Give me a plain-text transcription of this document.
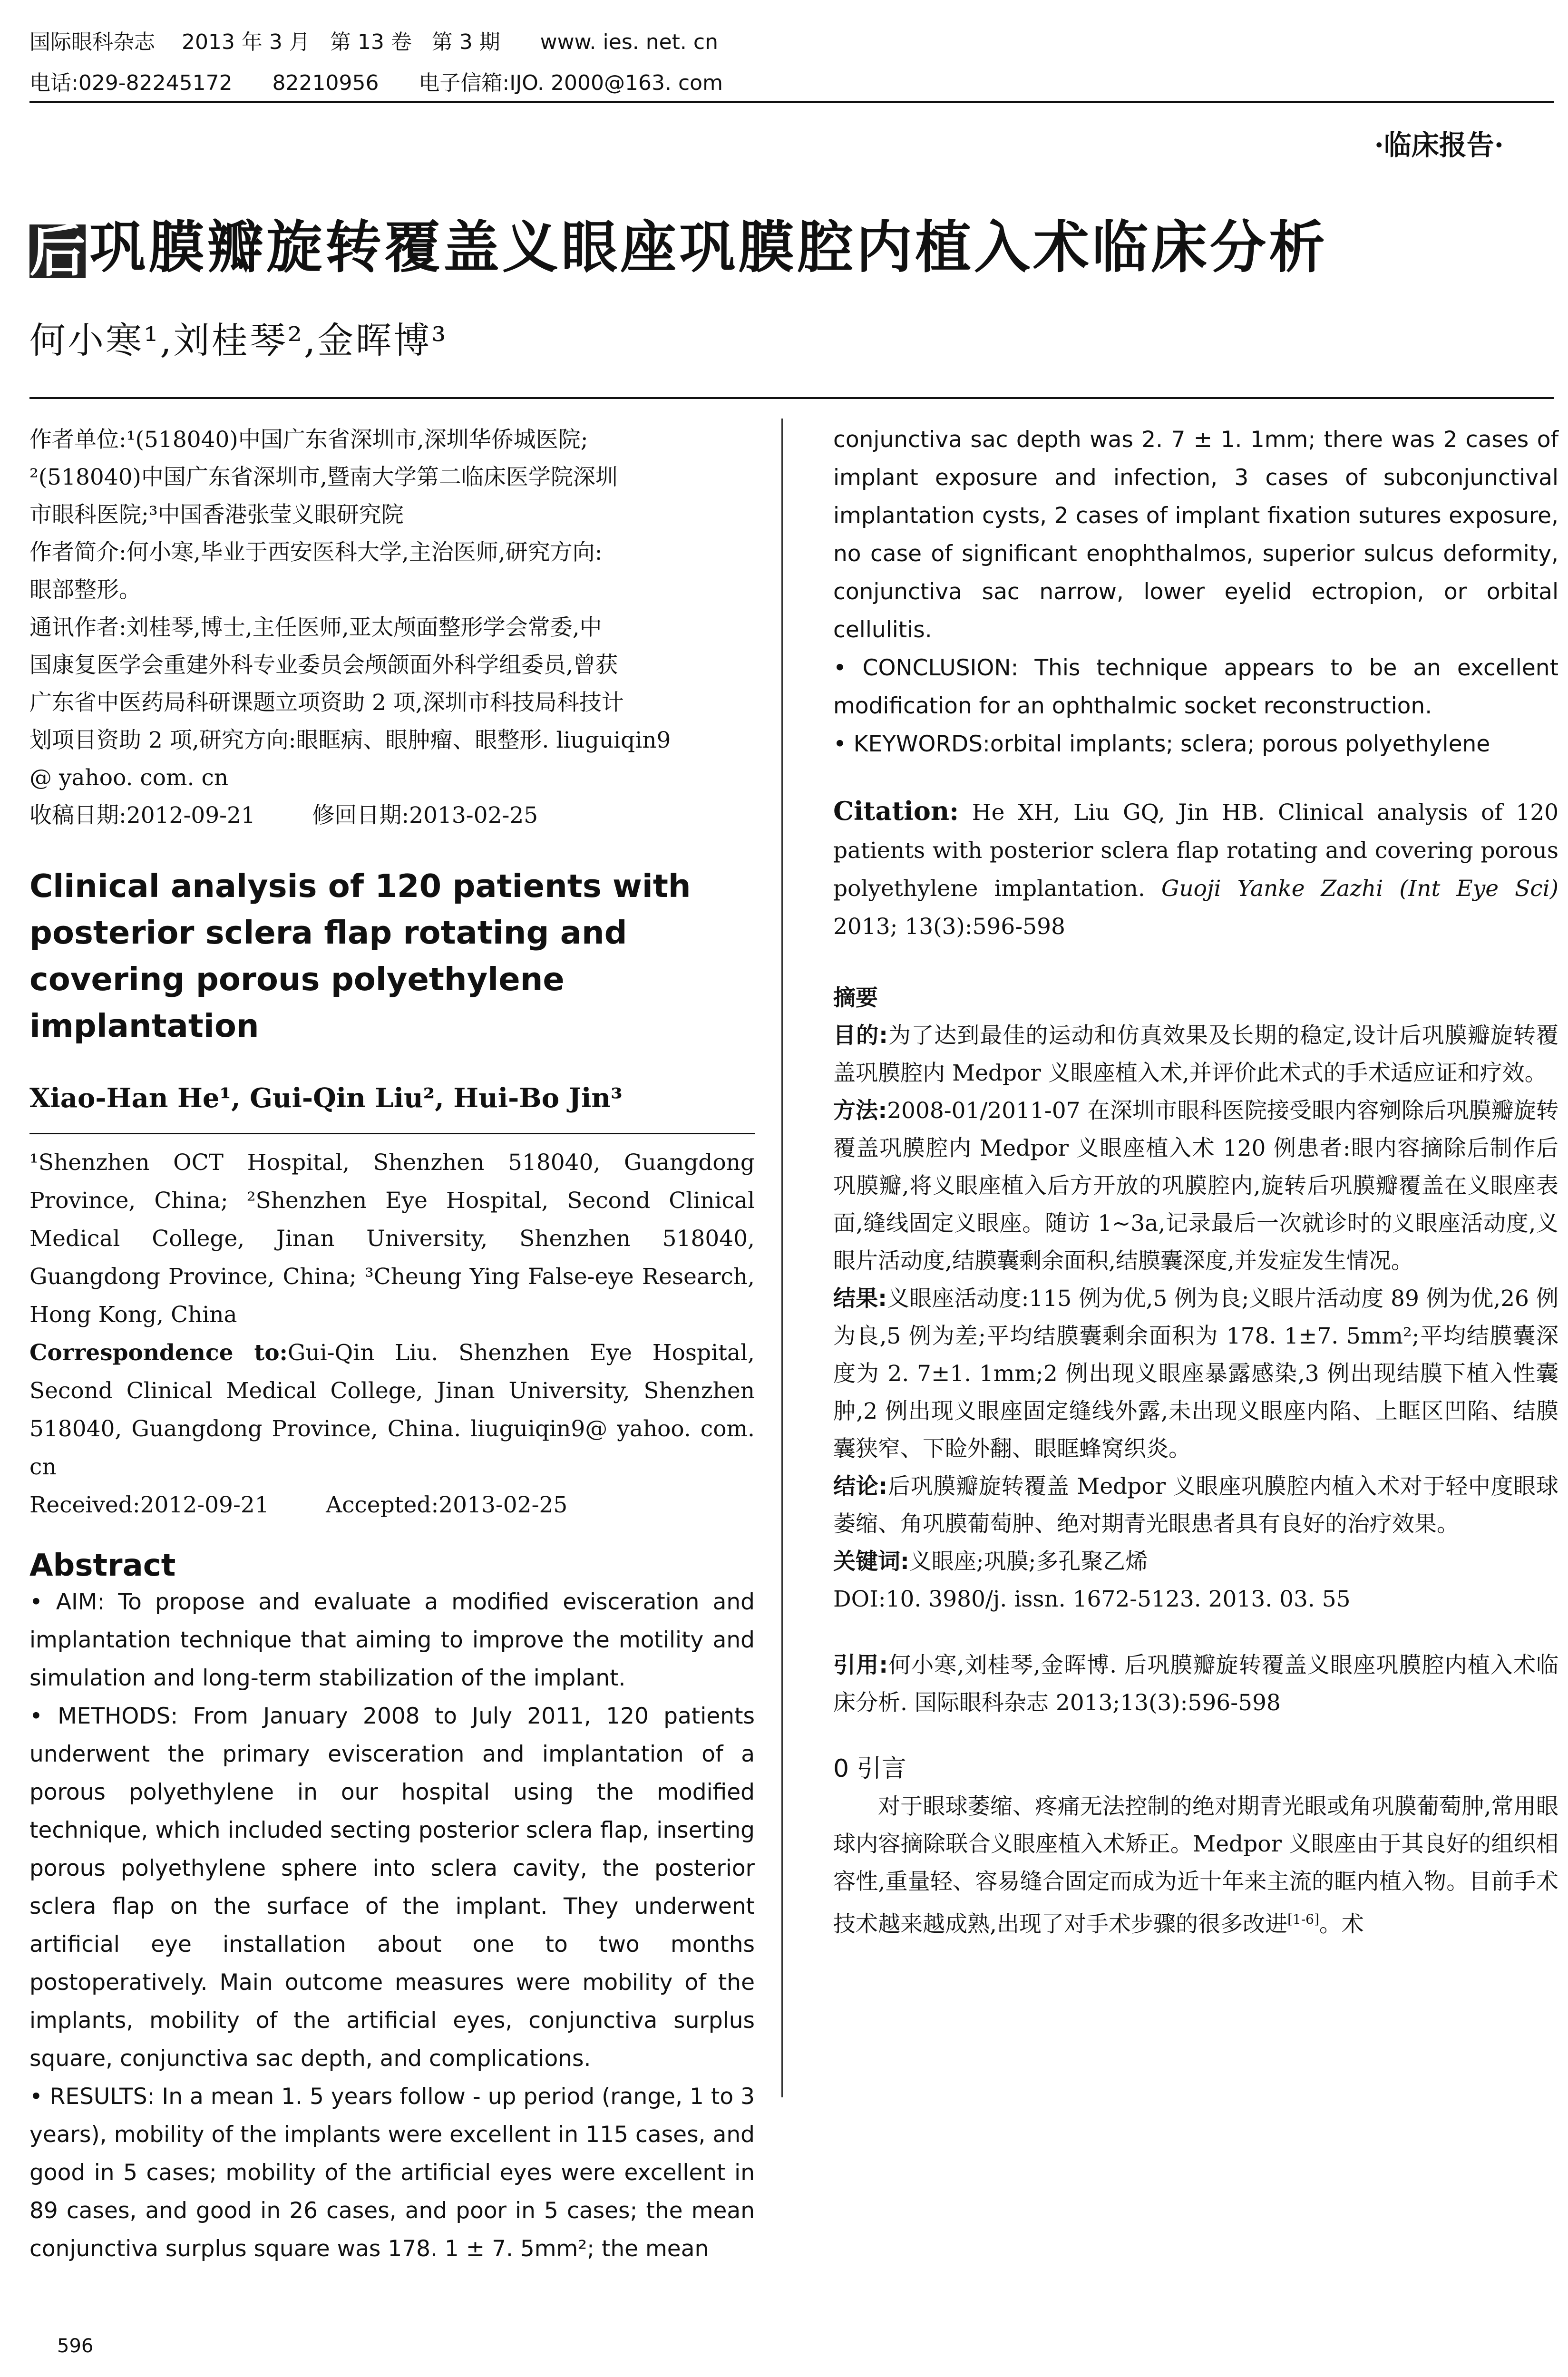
国际眼科杂志    2013 年 3 月   第 13 卷   第 3 期      www. ies. net. cn
电话:029-82245172      82210956      电子信箱:IJO. 2000@163. com
·临床报告·
后巩膜瓣旋转覆盖义眼座巩膜腔内植入术临床分析
何小寒¹,刘桂琴²,金晖博³

作者单位:¹(518040)中国广东省深圳市,深圳华侨城医院;
²(518040)中国广东省深圳市,暨南大学第二临床医学院深圳
市眼科医院;³中国香港张莹义眼研究院

作者简介:何小寒,毕业于西安医科大学,主治医师,研究方向:
眼部整形。

通讯作者:刘桂琴,博士,主任医师,亚太颅面整形学会常委,中
国康复医学会重建外科专业委员会颅颌面外科学组委员,曾获
广东省中医药局科研课题立项资助 2 项,深圳市科技局科技计
划项目资助 2 项,研究方向:眼眶病、眼肿瘤、眼整形. liuguiqin9
@ yahoo. com. cn

收稿日期:2012-09-21        修回日期:2013-02-25

Clinical analysis of 120 patients with posterior sclera flap rotating and covering porous polyethylene implantation

Xiao-Han He¹, Gui-Qin Liu², Hui-Bo Jin³

¹Shenzhen OCT Hospital, Shenzhen 518040, Guangdong Province, China; ²Shenzhen Eye Hospital, Second Clinical Medical College, Jinan University, Shenzhen 518040, Guangdong Province, China; ³Cheung Ying False-eye Research, Hong Kong, China

Correspondence to:Gui-Qin Liu. Shenzhen Eye Hospital, Second Clinical Medical College, Jinan University, Shenzhen 518040, Guangdong Province, China. liuguiqin9@ yahoo. com. cn

Received:2012-09-21        Accepted:2013-02-25

Abstract

• AIM: To propose and evaluate a modified evisceration and implantation technique that aiming to improve the motility and simulation and long-term stabilization of the implant.

• METHODS: From January 2008 to July 2011, 120 patients underwent the primary evisceration and implantation of a porous polyethylene in our hospital using the modified technique, which included secting posterior sclera flap, inserting porous polyethylene sphere into sclera cavity, the posterior sclera flap on the surface of the implant. They underwent artificial eye installation about one to two months postoperatively. Main outcome measures were mobility of the implants, mobility of the artificial eyes, conjunctiva surplus square, conjunctiva sac depth, and complications.

• RESULTS: In a mean 1. 5 years follow - up period (range, 1 to 3 years), mobility of the implants were excellent in 115 cases, and good in 5 cases; mobility of the artificial eyes were excellent in 89 cases, and good in 26 cases, and poor in 5 cases; the mean conjunctiva surplus square was 178. 1 ± 7. 5mm²; the mean

conjunctiva sac depth was 2. 7 ± 1. 1mm; there was 2 cases of implant exposure and infection, 3 cases of subconjunctival implantation cysts, 2 cases of implant fixation sutures exposure, no case of significant enophthalmos, superior sulcus deformity, conjunctiva sac narrow, lower eyelid ectropion, or orbital cellulitis.

• CONCLUSION: This technique appears to be an excellent modification for an ophthalmic socket reconstruction.

• KEYWORDS:orbital implants; sclera; porous polyethylene

Citation: He XH, Liu GQ, Jin HB. Clinical analysis of 120 patients with posterior sclera flap rotating and covering porous polyethylene implantation. Guoji Yanke Zazhi (Int Eye Sci) 2013; 13(3):596-598

摘要

目的:为了达到最佳的运动和仿真效果及长期的稳定,设计后巩膜瓣旋转覆盖巩膜腔内 Medpor 义眼座植入术,并评价此术式的手术适应证和疗效。

方法:2008-01/2011-07 在深圳市眼科医院接受眼内容剜除后巩膜瓣旋转覆盖巩膜腔内 Medpor 义眼座植入术 120 例患者:眼内容摘除后制作后巩膜瓣,将义眼座植入后方开放的巩膜腔内,旋转后巩膜瓣覆盖在义眼座表面,缝线固定义眼座。随访 1~3a,记录最后一次就诊时的义眼座活动度,义眼片活动度,结膜囊剩余面积,结膜囊深度,并发症发生情况。

结果:义眼座活动度:115 例为优,5 例为良;义眼片活动度 89 例为优,26 例为良,5 例为差;平均结膜囊剩余面积为 178. 1±7. 5mm²;平均结膜囊深度为 2. 7±1. 1mm;2 例出现义眼座暴露感染,3 例出现结膜下植入性囊肿,2 例出现义眼座固定缝线外露,未出现义眼座内陷、上眶区凹陷、结膜囊狭窄、下睑外翻、眼眶蜂窝织炎。

结论:后巩膜瓣旋转覆盖 Medpor 义眼座巩膜腔内植入术对于轻中度眼球萎缩、角巩膜葡萄肿、绝对期青光眼患者具有良好的治疗效果。

关键词:义眼座;巩膜;多孔聚乙烯

DOI:10. 3980/j. issn. 1672-5123. 2013. 03. 55

引用:何小寒,刘桂琴,金晖博. 后巩膜瓣旋转覆盖义眼座巩膜腔内植入术临床分析. 国际眼科杂志 2013;13(3):596-598

0 引言

对于眼球萎缩、疼痛无法控制的绝对期青光眼或角巩膜葡萄肿,常用眼球内容摘除联合义眼座植入术矫正。Medpor 义眼座由于其良好的组织相容性,重量轻、容易缝合固定而成为近十年来主流的眶内植入物。目前手术技术越来越成熟,出现了对手术步骤的很多改进[1-6]。术

596
